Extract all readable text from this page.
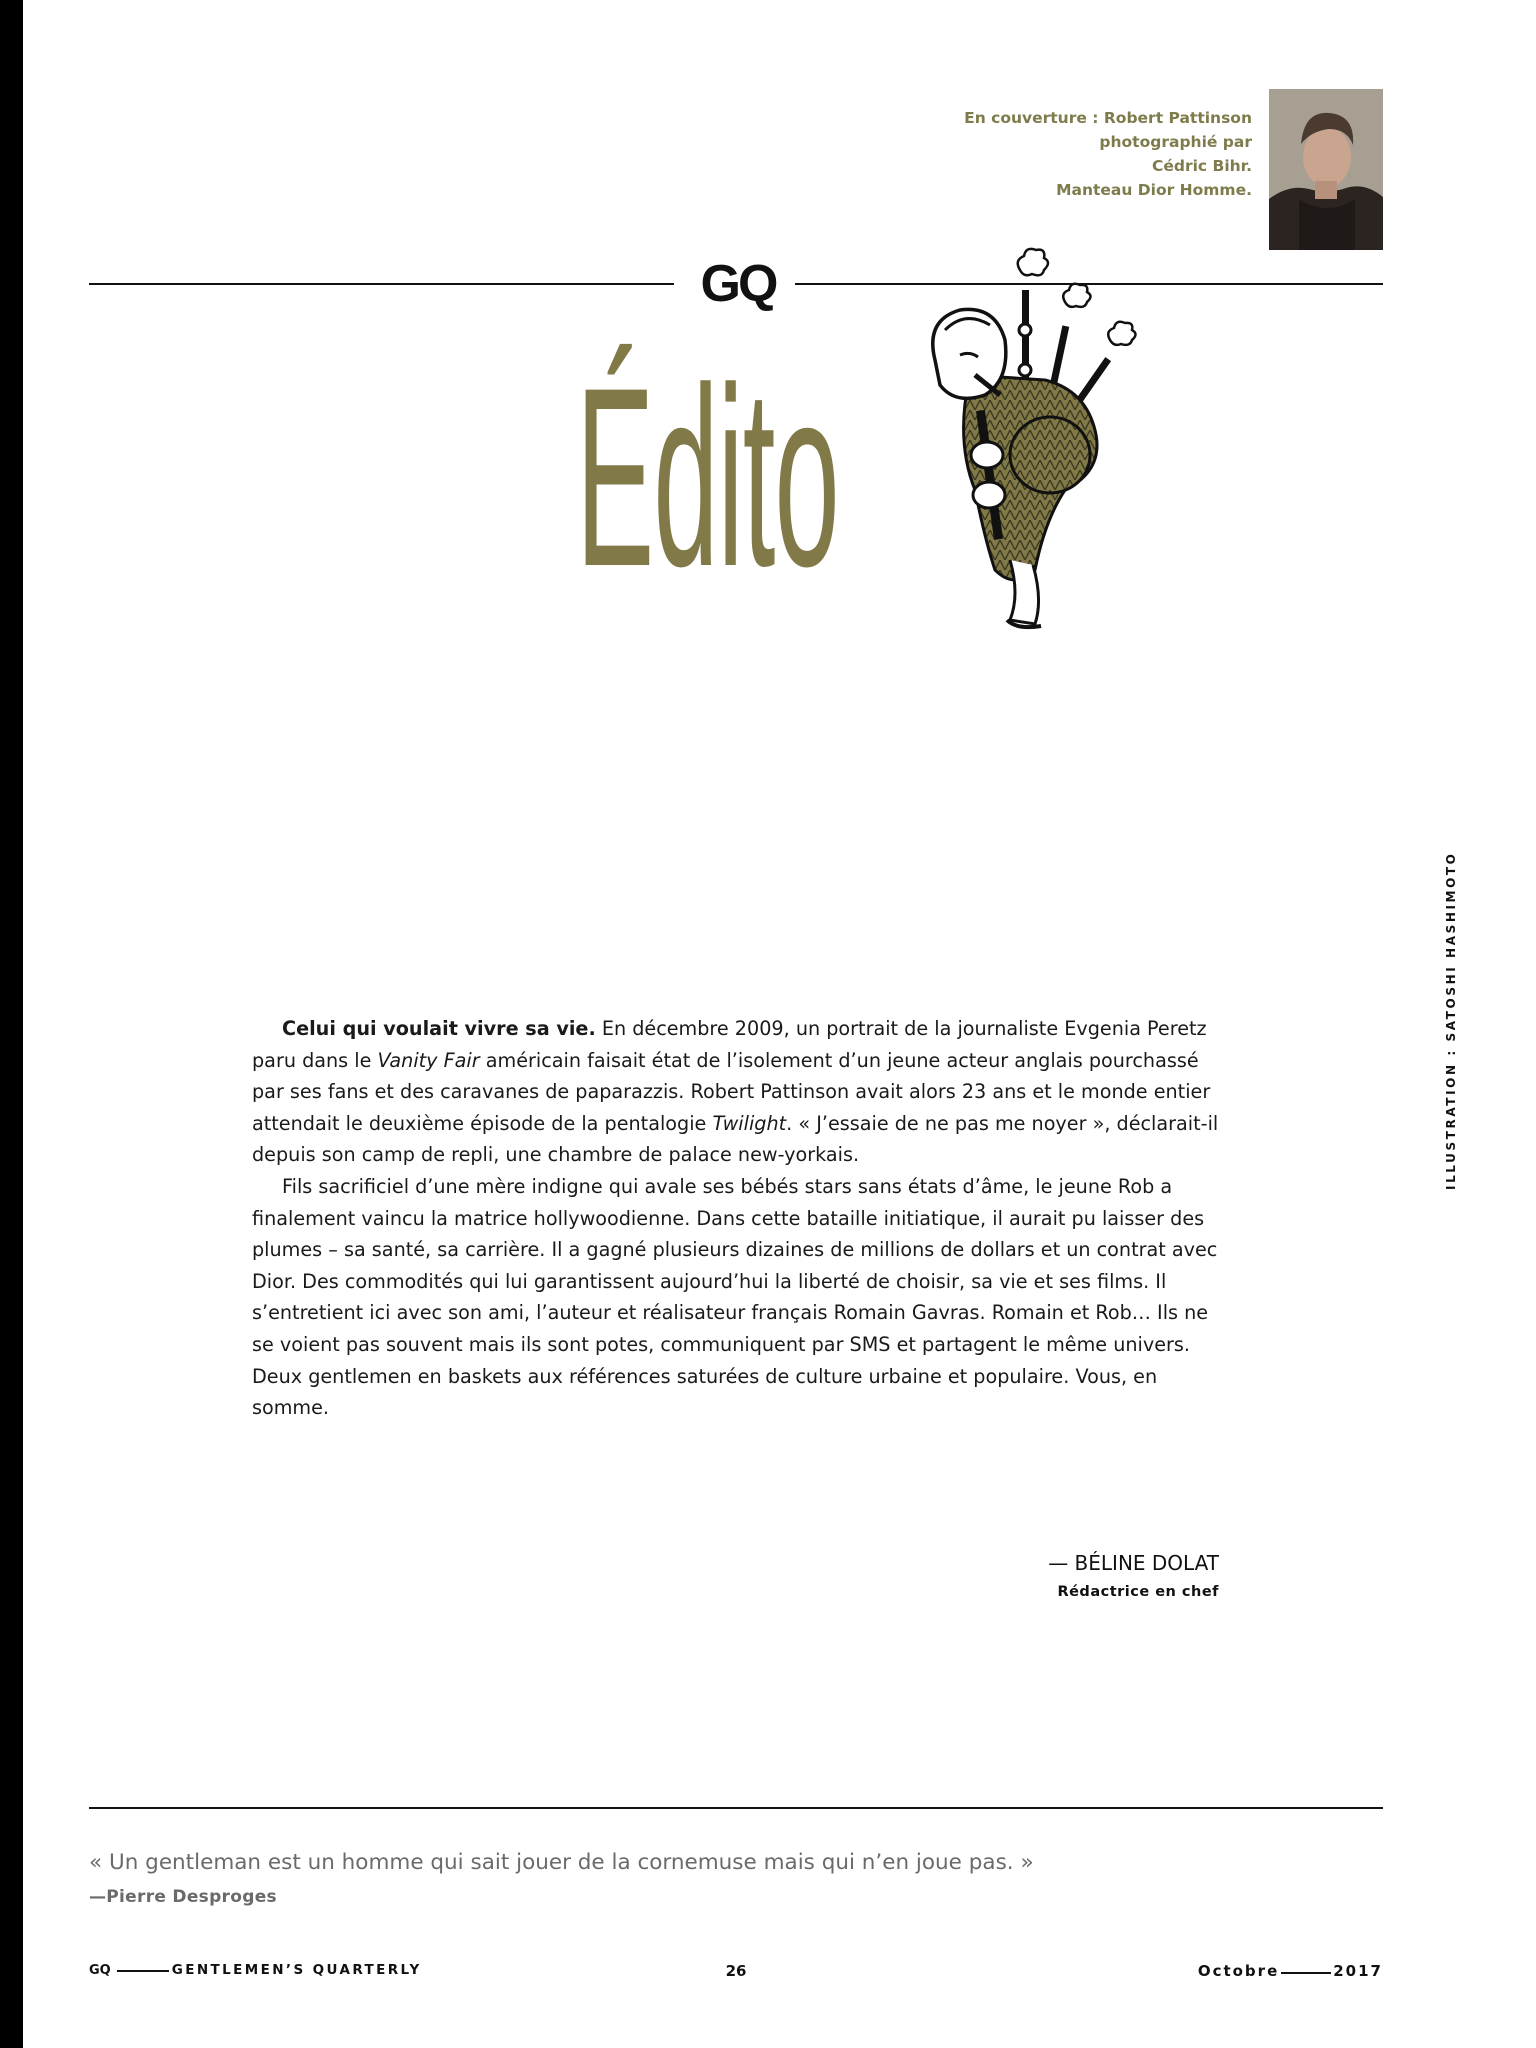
En couverture : Robert Pattinson
photographié par
Cédric Bihr.
Manteau Dior Homme.
GQ
Édito
ILLUSTRATION : SATOSHI HASHIMOTO

Celui qui voulait vivre sa vie. En décembre 2009, un portrait de la journaliste Evgenia Peretz paru dans le Vanity Fair américain faisait état de l’isolement d’un jeune acteur anglais pourchassé par ses fans et des caravanes de paparazzis. Robert Pattinson avait alors 23 ans et le monde entier attendait le deuxième épisode de la pentalogie Twilight. « J’essaie de ne pas me noyer », déclarait-il depuis son camp de repli, une chambre de palace new-yorkais.

Fils sacrificiel d’une mère indigne qui avale ses bébés stars sans états d’âme, le jeune Rob a finalement vaincu la matrice hollywoodienne. Dans cette bataille initiatique, il aurait pu laisser des plumes – sa santé, sa carrière. Il a gagné plusieurs dizaines de millions de dollars et un contrat avec Dior. Des commodités qui lui garantissent aujourd’hui la liberté de choisir, sa vie et ses films. Il s’entretient ici avec son ami, l’auteur et réalisateur français Romain Gavras. Romain et Rob… Ils ne se voient pas souvent mais ils sont potes, communiquent par SMS et partagent le même univers. Deux gentlemen en baskets aux références saturées de culture urbaine et populaire. Vous, en somme.

— BÉLINE DOLAT
Rédactrice en chef
« Un gentleman est un homme qui sait jouer de la cornemuse mais qui n’en joue pas. »
—Pierre Desproges
GQ	GENTLEMEN’S QUARTERLY	26	Octobre	2017
